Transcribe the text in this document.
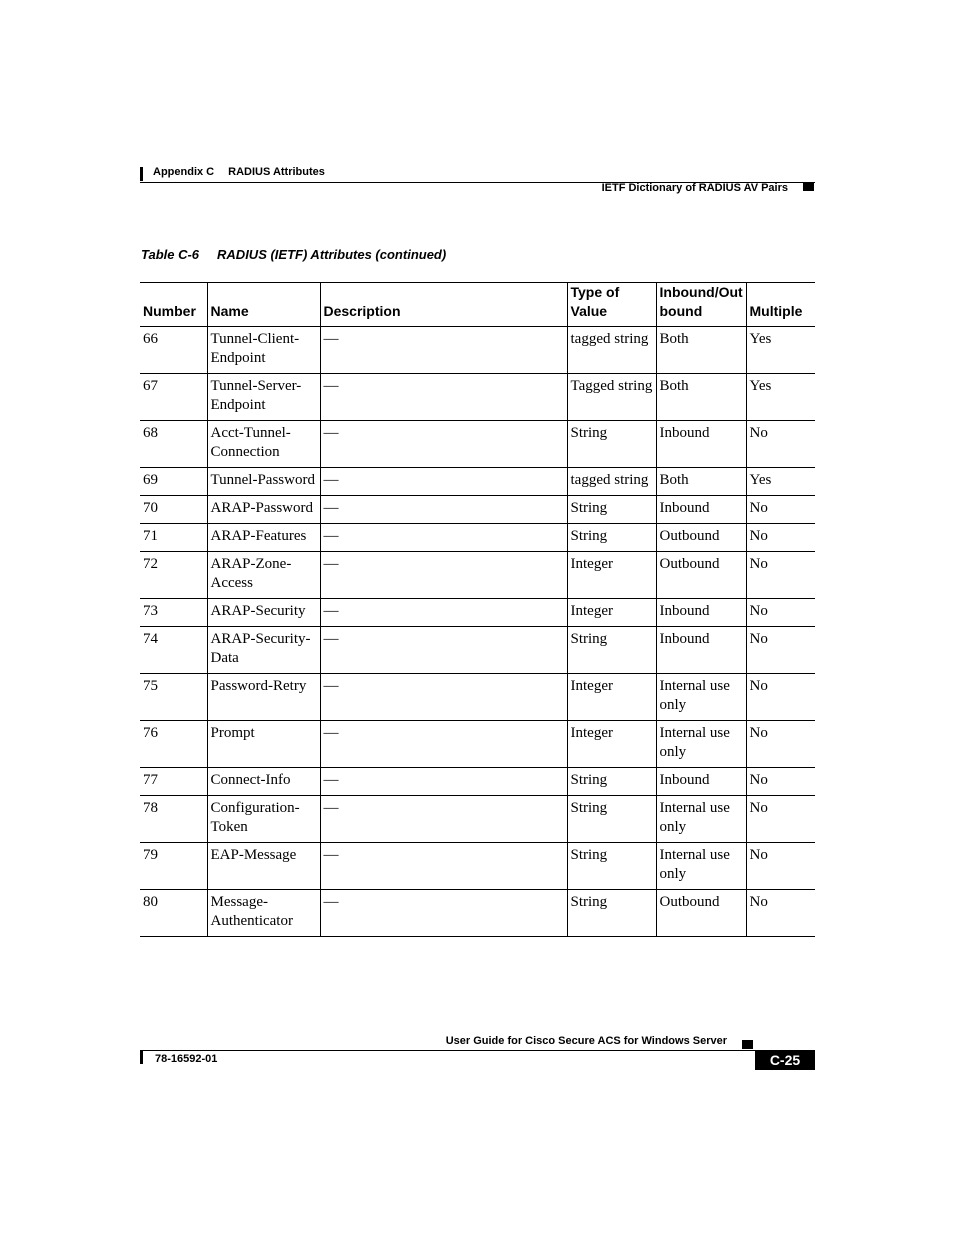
Appendix C RADIUS Attributes
IETF Dictionary of RADIUS AV Pairs
Table C-6 RADIUS (IETF) Attributes (continued)
Number	Name	Description	Type of Value	Inbound/Out bound	Multiple
66	Tunnel-Client-Endpoint	—	tagged string	Both	Yes
67	Tunnel-Server-Endpoint	—	Tagged string	Both	Yes
68	Acct-Tunnel-Connection	—	String	Inbound	No
69	Tunnel-Password	—	tagged string	Both	Yes
70	ARAP-Password	—	String	Inbound	No
71	ARAP-Features	—	String	Outbound	No
72	ARAP-Zone-Access	—	Integer	Outbound	No
73	ARAP-Security	—	Integer	Inbound	No
74	ARAP-Security-Data	—	String	Inbound	No
75	Password-Retry	—	Integer	Internal use only	No
76	Prompt	—	Integer	Internal use only	No
77	Connect-Info	—	String	Inbound	No
78	Configuration-Token	—	String	Internal use only	No
79	EAP-Message	—	String	Internal use only	No
80	Message-Authenticator	—	String	Outbound	No
User Guide for Cisco Secure ACS for Windows Server
78-16592-01	C-25
